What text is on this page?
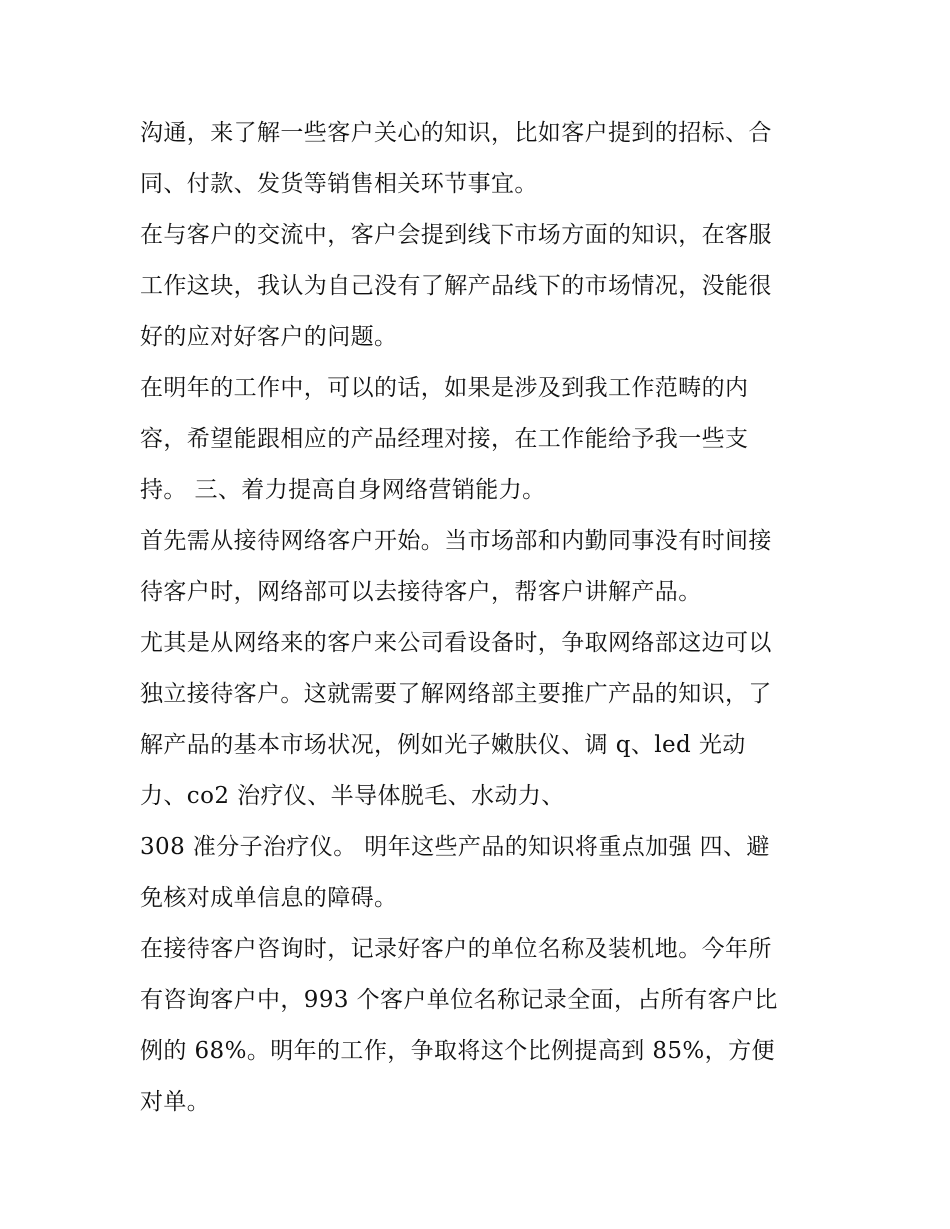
沟通，来了解一些客户关心的知识，比如客户提到的招标、合
同、付款、发货等销售相关环节事宜。
在与客户的交流中，客户会提到线下市场方面的知识，在客服
工作这块，我认为自己没有了解产品线下的市场情况，没能很
好的应对好客户的问题。
在明年的工作中，可以的话，如果是涉及到我工作范畴的内
容，希望能跟相应的产品经理对接，在工作能给予我一些支
持。 三、着力提高自身网络营销能力。
首先需从接待网络客户开始。当市场部和内勤同事没有时间接
待客户时，网络部可以去接待客户，帮客户讲解产品。
尤其是从网络来的客户来公司看设备时，争取网络部这边可以
独立接待客户。这就需要了解网络部主要推广产品的知识，了
解产品的基本市场状况，例如光子嫩肤仪、调 q、led 光动
力、co2 治疗仪、半导体脱毛、水动力、
308 准分子治疗仪。 明年这些产品的知识将重点加强 四、避
免核对成单信息的障碍。
在接待客户咨询时，记录好客户的单位名称及装机地。今年所
有咨询客户中，993 个客户单位名称记录全面，占所有客户比
例的 68%。明年的工作，争取将这个比例提高到 85%，方便
对单。
